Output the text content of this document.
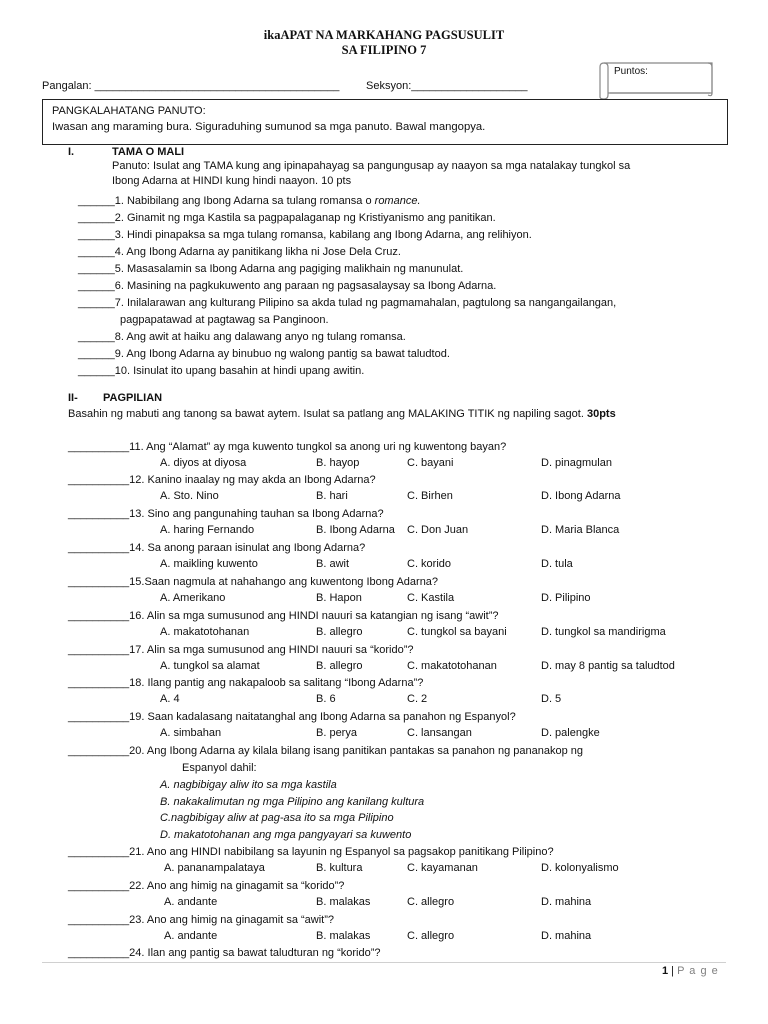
ikaAPAT NA MARKAHANG PAGSUSULIT
SA FILIPINO 7
Pangalan: ________________________________________ Seksyon:___________________
Puntos:
PANGKALAHATANG PANUTO:
Iwasan ang maraming bura. Siguraduhing sumunod sa mga panuto. Bawal mangopya.
I.	TAMA O MALI
Panuto: Isulat ang TAMA kung ang ipinapahayag sa pangungusap ay naayon sa mga natalakay tungkol sa
Ibong Adarna at HINDI kung hindi naayon. 10 pts
______1. Nabibilang ang Ibong Adarna sa tulang romansa o romance.
______2. Ginamit ng mga Kastila sa pagpapalaganap ng Kristiyanismo ang panitikan.
______3. Hindi pinapaksa sa mga tulang romansa, kabilang ang Ibong Adarna, ang relihiyon.
______4. Ang Ibong Adarna ay panitikang likha ni Jose Dela Cruz.
______5. Masasalamin sa Ibong Adarna ang pagiging malikhain ng manunulat.
______6. Masining na pagkukuwento ang paraan ng pagsasalaysay sa Ibong Adarna.
______7. Inilalarawan ang kulturang Pilipino sa akda tulad ng pagmamahalan, pagtulong sa nangangailangan,
pagpapatawad at pagtawag sa Panginoon.
______8. Ang awit at haiku ang dalawang anyo ng tulang romansa.
______9. Ang Ibong Adarna ay binubuo ng walong pantig sa bawat taludtod.
______10. Isinulat ito upang basahin at hindi upang awitin.
II- PAGPILIAN
Basahin ng mabuti ang tanong sa bawat aytem. Isulat sa patlang ang MALAKING TITIK ng napiling sagot. 30pts
__________11. Ang “Alamat” ay mga kuwento tungkol sa anong uri ng kuwentong bayan?
A. diyos at diyosa	B. hayop	C. bayani	D. pinagmulan
__________12. Kanino inaalay ng may akda an Ibong Adarna?
A. Sto. Nino	B. hari	C. Birhen	D. Ibong Adarna
__________13. Sino ang pangunahing tauhan sa Ibong Adarna?
A. haring Fernando	B. Ibong Adarna C. Don Juan	D. Maria Blanca
__________14. Sa anong paraan isinulat ang Ibong Adarna?
A. maikling kuwento	B. awit	C. korido	D. tula
__________15.Saan nagmula at nahahango ang kuwentong Ibong Adarna?
A. Amerikano	B. Hapon	C. Kastila	D. Pilipino
__________16. Alin sa mga sumusunod ang HINDI nauuri sa katangian ng isang “awit”?
A. makatotohanan	B. allegro	C. tungkol sa bayani	D. tungkol sa mandirigma
__________17. Alin sa mga sumusunod ang HINDI nauuri sa “korido”?
A. tungkol sa alamat	B. allegro	C. makatotohanan	D. may 8 pantig sa taludtod
__________18. Ilang pantig ang nakapaloob sa salitang “Ibong Adarna”?
A. 4	B. 6	C. 2	D. 5
__________19. Saan kadalasang naitatanghal ang Ibong Adarna sa panahon ng Espanyol?
A. simbahan	B. perya	C. lansangan	D. palengke
__________20. Ang Ibong Adarna ay kilala bilang isang panitikan pantakas sa panahon ng pananakop ng
Espanyol dahil:
A. nagbibigay aliw ito sa mga kastila
B. nakakalimutan ng mga Pilipino ang kanilang kultura
C.nagbibigay aliw at pag-asa ito sa mga Pilipino
D. makatotohanan ang mga pangyayari sa kuwento
__________21. Ano ang HINDI nabibilang sa layunin ng Espanyol sa pagsakop panitikang Pilipino?
A. pananampalataya	B. kultura	C. kayamanan	D. kolonyalismo
__________22. Ano ang himig na ginagamit sa “korido”?
A. andante	B. malakas	C. allegro	D. mahina
__________23. Ano ang himig na ginagamit sa “awit”?
A. andante	B. malakas	C. allegro	D. mahina
__________24. Ilan ang pantig sa bawat taludturan ng “korido”?
1 | P a g e
